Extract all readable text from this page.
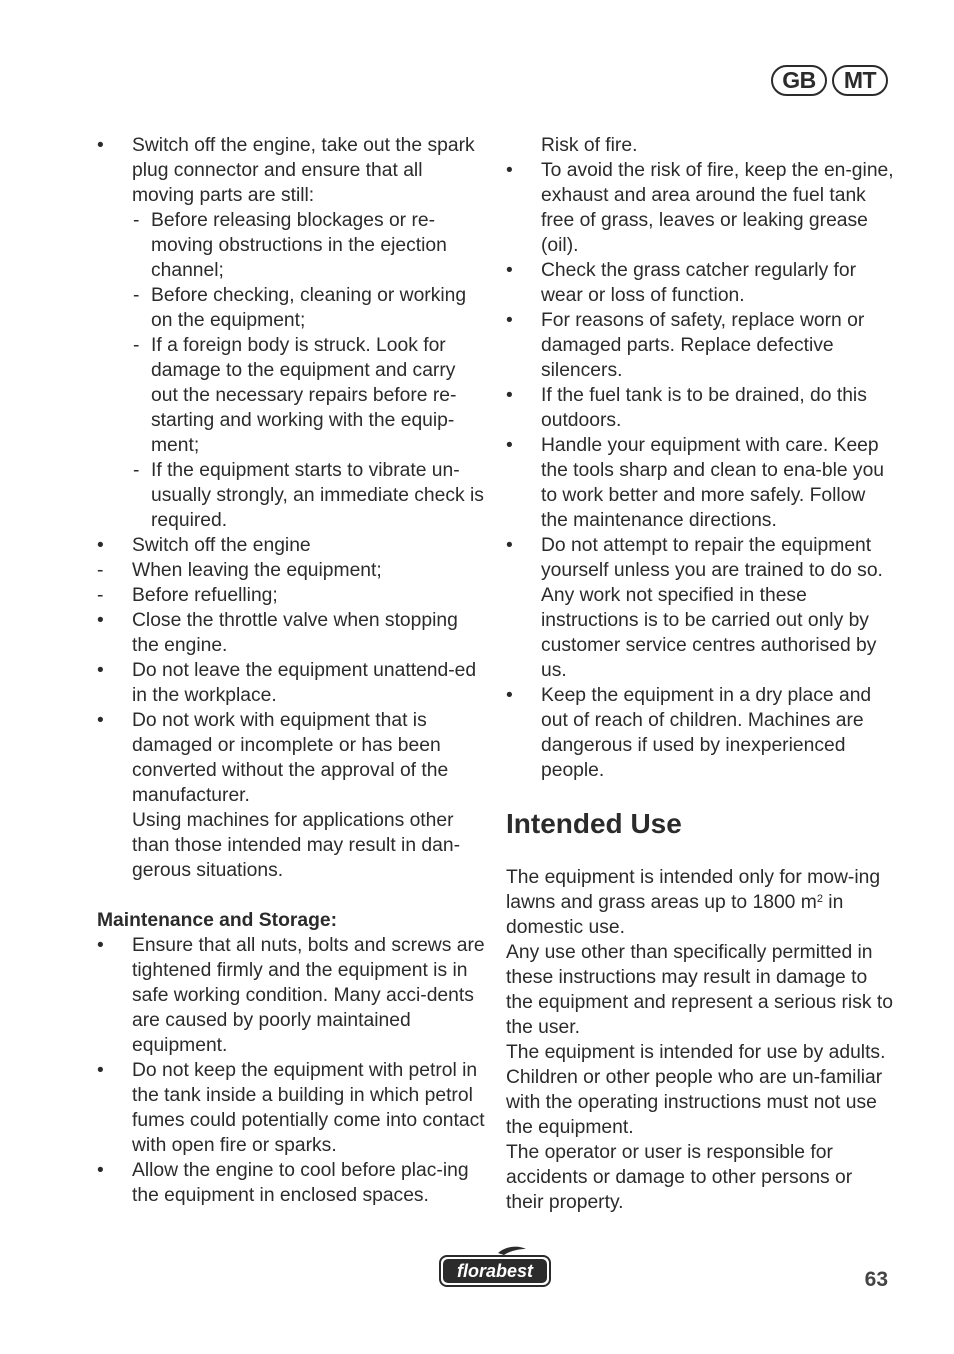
GB	MT
• Switch off the engine, take out the spark plug connector and ensure that all moving parts are still:
- Before releasing blockages or re-moving obstructions in the ejection channel;
- Before checking, cleaning or working on the equipment;
- If a foreign body is struck. Look for damage to the equipment and carry out the necessary repairs before re-starting and working with the equip-ment;
- If the equipment starts to vibrate un-usually strongly, an immediate check is required.
• Switch off the engine
- When leaving the equipment;
- Before refuelling;
• Close the throttle valve when stopping the engine.
• Do not leave the equipment unattend-ed in the workplace.
• Do not work with equipment that is damaged or incomplete or has been converted without the approval of the manufacturer.
Using machines for applications other than those intended may result in dan-gerous situations.
Maintenance and Storage:
• Ensure that all nuts, bolts and screws are tightened firmly and the equipment is in safe working condition. Many acci-dents are caused by poorly maintained equipment.
• Do not keep the equipment with petrol in the tank inside a building in which petrol fumes could potentially come into contact with open fire or sparks.
• Allow the engine to cool before plac-ing the equipment in enclosed spaces.
Risk of fire.
• To avoid the risk of fire, keep the en-gine, exhaust and area around the fuel tank free of grass, leaves or leaking grease (oil).
• Check the grass catcher regularly for wear or loss of function.
• For reasons of safety, replace worn or damaged parts. Replace defective silencers.
• If the fuel tank is to be drained, do this outdoors.
• Handle your equipment with care. Keep the tools sharp and clean to ena-ble you to work better and more safely. Follow the maintenance directions.
• Do not attempt to repair the equipment yourself unless you are trained to do so. Any work not specified in these instructions is to be carried out only by customer service centres authorised by us.
• Keep the equipment in a dry place and out of reach of children. Machines are dangerous if used by inexperienced people.
Intended Use
The equipment is intended only for mow-ing lawns and grass areas up to 1800 $m^2$ in domestic use.
Any use other than specifically permitted in these instructions may result in damage to the equipment and represent a serious risk to the user.
The equipment is intended for use by adults. Children or other people who are un-familiar with the operating instructions must not use the equipment.
The operator or user is responsible for accidents or damage to other persons or their property.
florabest	63
